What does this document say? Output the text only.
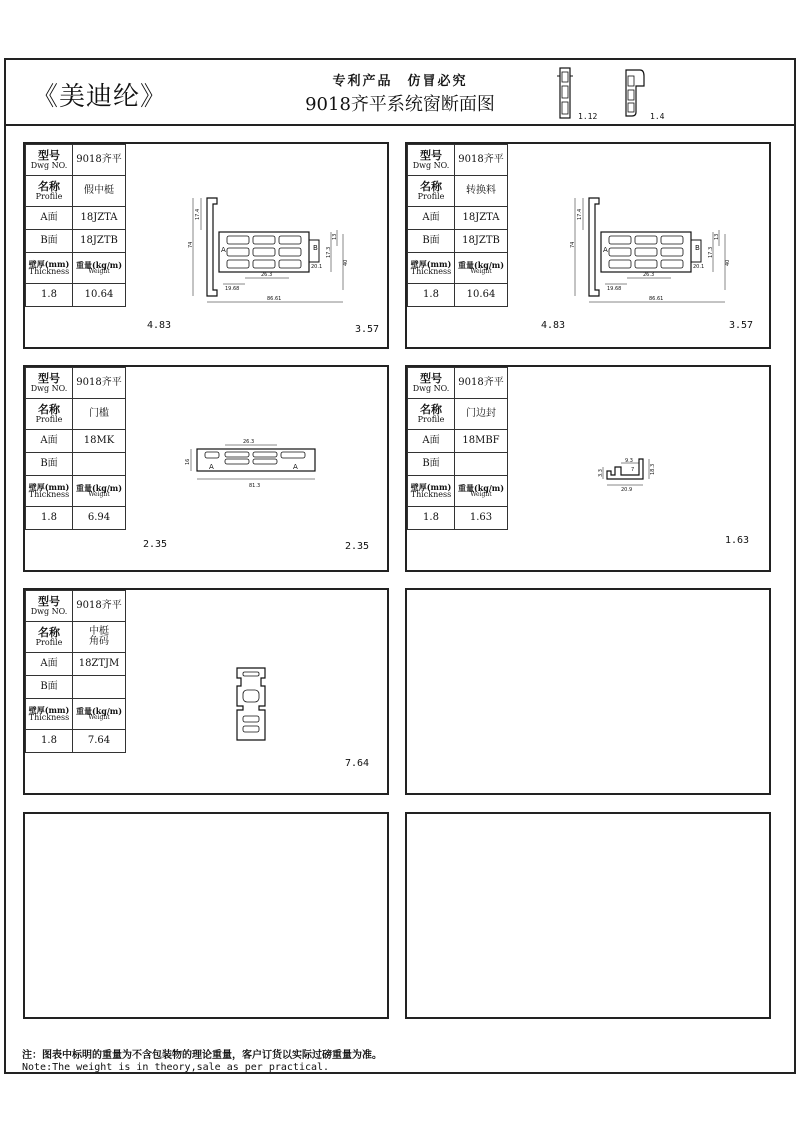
《美迪纶》
专利产品　仿冒必究
9018齐平系统窗断面图
1.12	1.4
型号
Dwg NO.	9018齐平

名称
Profile	假中梃
A面	18JZTA
B面	18JZTB

壁厚(mm)
Thickness	重量(kg/m)
Weight

1.8	10.64
17.4
74
13
17.3
40
19.68
26.3
20.1
86.61
B
A
4.83	3.57
型号
Dwg NO.	9018齐平

名称
Profile	转换料
A面	18JZTA
B面	18JZTB

壁厚(mm)
Thickness	重量(kg/m)
Weight

1.8	10.64
17.4
74
13
17.3
40
19.68
26.3
20.1
86.61
B
A
4.83	3.57
型号
Dwg NO.	9018齐平

名称
Profile	门槛
A面	18MK
B面	

壁厚(mm)
Thickness	重量(kg/m)
Weight

1.8	6.94
26.3
81.3
16
A	A
2.35	2.35
型号
Dwg NO.	9018齐平

名称
Profile	门边封
A面	18MBF
B面	

壁厚(mm)
Thickness	重量(kg/m)
Weight

1.8	1.63
9.3
20.9
18.3
3.3	7
1.63
型号
Dwg NO.	9018齐平

名称
Profile	中梃
角码

A面	18ZTJM
B面	

壁厚(mm)
Thickness	重量(kg/m)
Weight

1.8	7.64
7.64
注：图表中标明的重量为不含包装物的理论重量，客户订货以实际过磅重量为准。
Note:The weight is in theory,sale as per practical.
